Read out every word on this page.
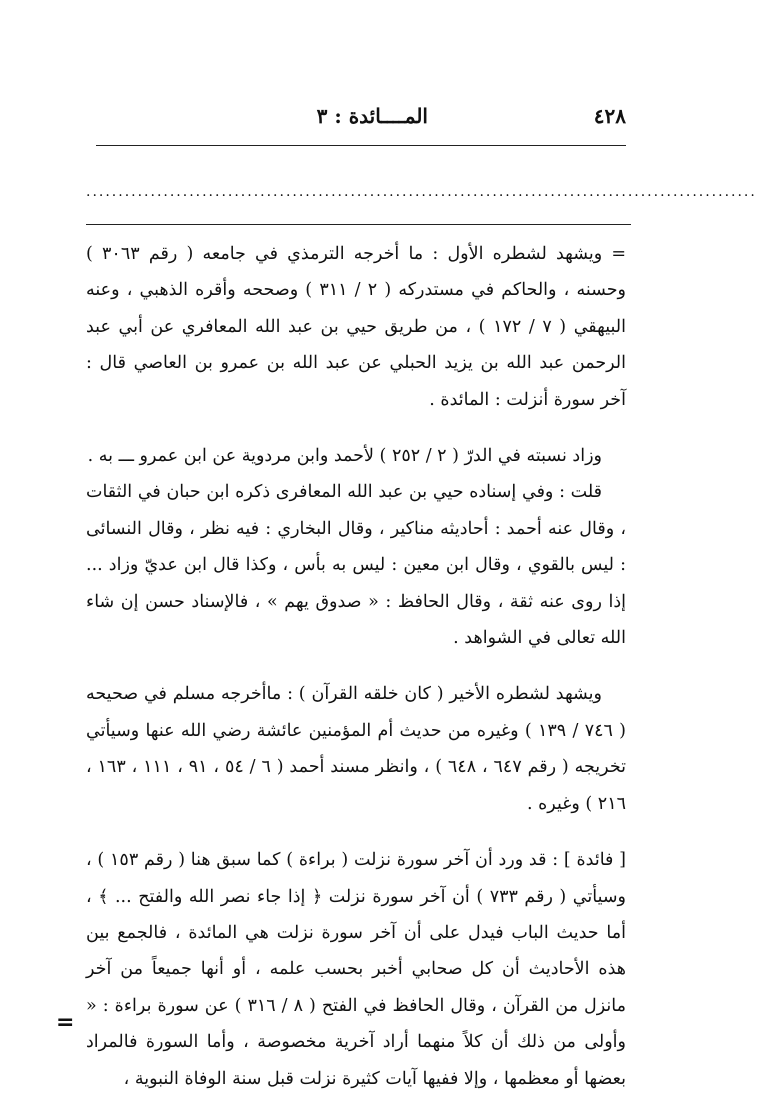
٤٢٨
المــــائدة : ٣
........................................................................................................

= ويشهد لشطره الأول : ما أخرجه الترمذي في جامعه ( رقم ٣٠٦٣ ) وحسنه ، والحاكم في مستدركه ( ٢ / ٣١١ ) وصححه وأقره الذهبي ، وعنه البيهقي ( ٧ / ١٧٢ ) ، من طريق حيي بن عبد الله المعافري عن أبي عبد الرحمن عبد الله بن يزيد الحبلي عن عبد الله بن عمرو بن العاصي قال : آخر سورة أنزلت : المائدة .

وزاد نسبته في الدرّ ( ٢ / ٢٥٢ ) لأحمد وابن مردوية عن ابن عمرو ـــ به .

قلت : وفي إسناده حيي بن عبد الله المعافرى ذكره ابن حبان في الثقات ، وقال عنه أحمد : أحاديثه مناكير ، وقال البخاري : فيه نظر ، وقال النسائى : ليس بالقوي ، وقال ابن معين : ليس به بأس ، وكذا قال ابن عديّ وزاد ... إذا روى عنه ثقة ، وقال الحافظ : « صدوق يهم » ، فالإسناد حسن إن شاء الله تعالى في الشواهد .

ويشهد لشطره الأخير ( كان خلقه القرآن ) : ماأخرجه مسلم في صحيحه ( ٧٤٦ / ١٣٩ ) وغيره من حديث أم المؤمنين عائشة رضي الله عنها وسيأتي تخريجه ( رقم ٦٤٧ ، ٦٤٨ ) ، وانظر مسند أحمد ( ٦ / ٥٤ ، ٩١ ، ١١١ ، ١٦٣ ، ٢١٦ ) وغيره .

[ فائدة ] : قد ورد أن آخر سورة نزلت ( براءة ) كما سبق هنا ( رقم ١٥٣ ) ، وسيأتي ( رقم ٧٣٣ ) أن آخر سورة نزلت ﴿ إذا جاء نصر الله والفتح ... ﴾ ، أما حديث الباب فيدل على أن آخر سورة نزلت هي المائدة ، فالجمع بين هذه الأحاديث أن كل صحابي أخبر بحسب علمه ، أو أنها جميعاً من آخر مانزل من القرآن ، وقال الحافظ في الفتح ( ٨ / ٣١٦ ) عن سورة براءة : « وأولى من ذلك أن كلاً منهما أراد آخرية مخصوصة ، وأما السورة فالمراد بعضها أو معظمها ، وإلا ففيها آيات كثيرة نزلت قبل سنة الوفاة النبوية ،

=
